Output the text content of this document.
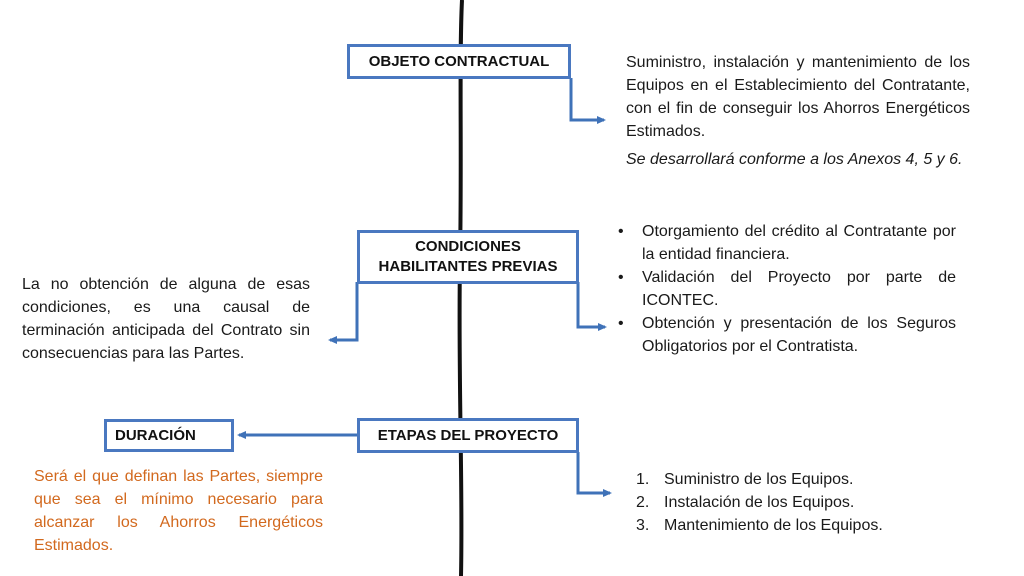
OBJETO CONTRACTUAL
CONDICIONES HABILITANTES PREVIAS
ETAPAS DEL PROYECTO
DURACIÓN
Suministro, instalación y mantenimiento de los Equipos en el Establecimiento del Contratante, con el fin de conseguir los Ahorros Energéticos Estimados.
Se desarrollará conforme a los Anexos 4, 5 y 6.
• Otorgamiento del crédito al Contratante por la entidad financiera.
• Validación del Proyecto por parte de ICONTEC.
• Obtención y presentación de los Seguros Obligatorios por el Contratista.
La no obtención de alguna de esas condiciones, es una causal de terminación anticipada del Contrato sin consecuencias para las Partes.
Será el que definan las Partes, siempre que sea el mínimo necesario para alcanzar los Ahorros Energéticos Estimados.
1. Suministro de los Equipos.
2. Instalación de los Equipos.
3. Mantenimiento de los Equipos.
